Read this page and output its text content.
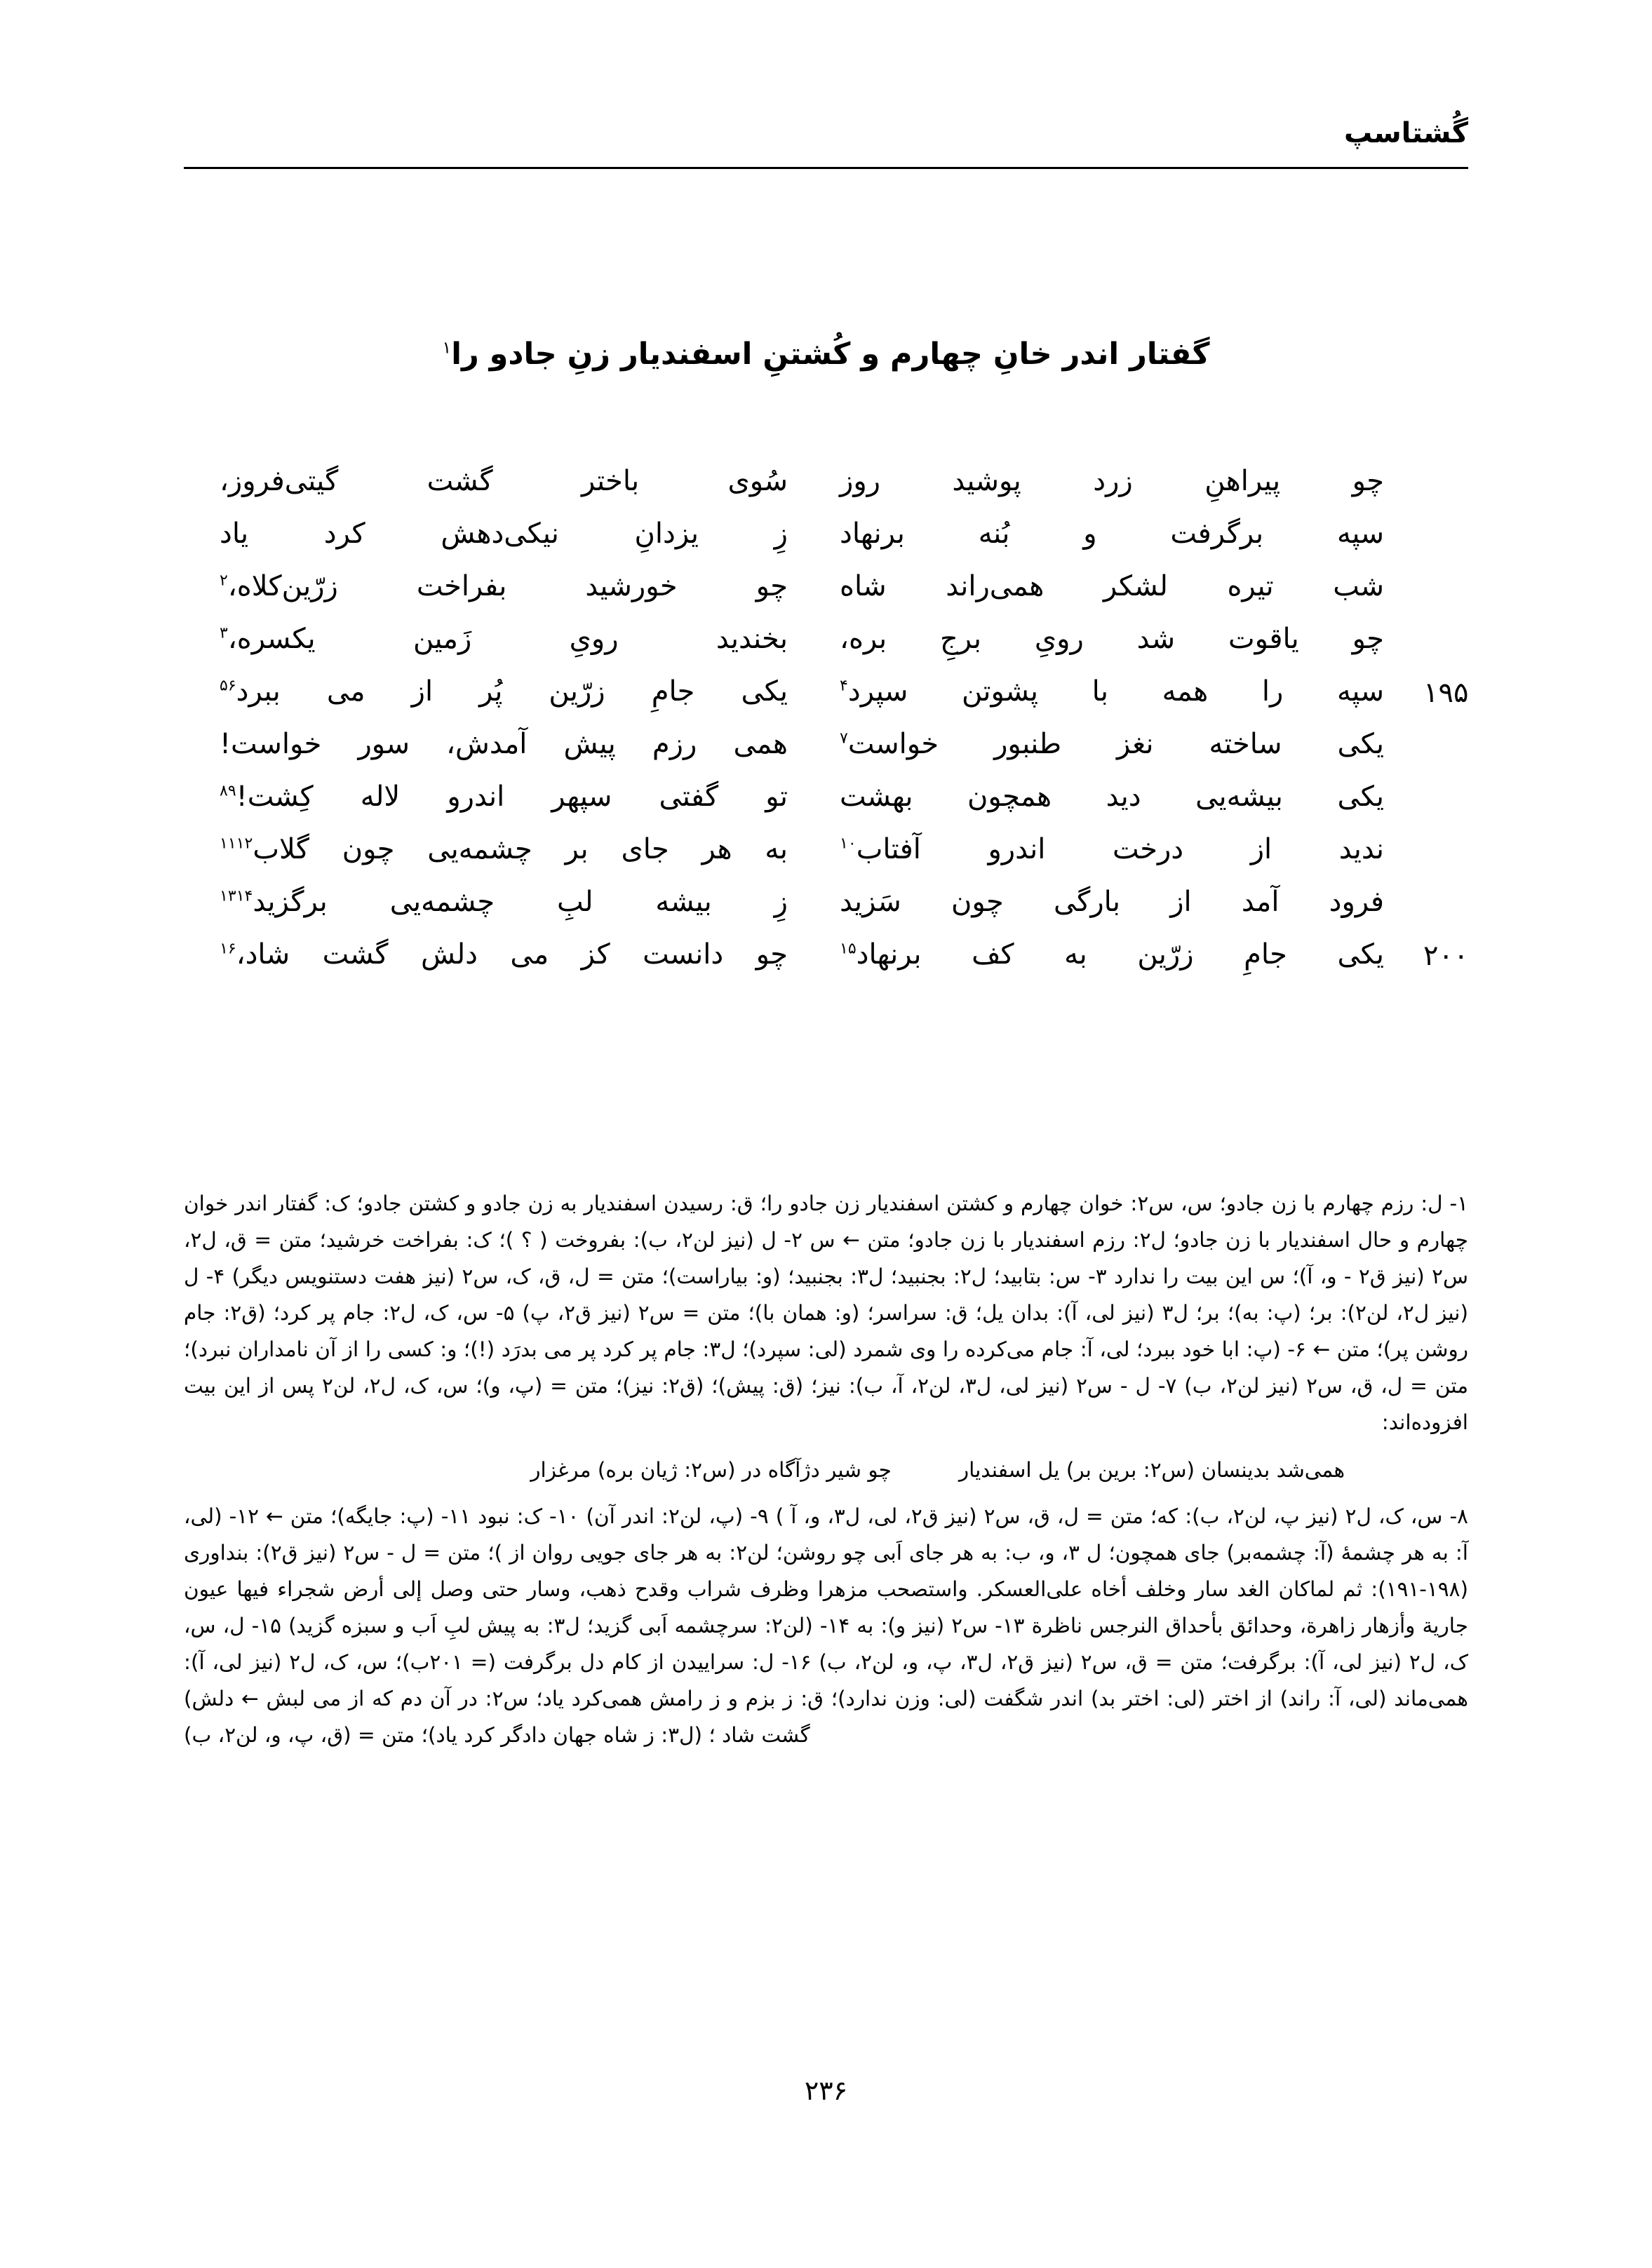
گُشتاسپ
گفتار اندر خانِ چهارم و کُشتنِ اسفندیار زنِ جادو را$^۱$
چو
پیراهنِ
زرد
پوشید
روز
سُوی
باختر
گشت
گیتی‌فروز،
سپه
برگرفت
و
بُنه
برنهاد
زِ
یزدانِ
نیکی‌دهش
کرد
یاد
شب
تیره
لشکر
همی‌راند
شاه
چو
خورشید
بفراخت
زرّین‌کلاه،$^۲$
چو
یاقوت
شد
رویِ
برجِ
بره،
بخندید
رویِ
زَمین
یکسره،$^۳$
۱۹۵
سپه
را
همه
با
پشوتن
سپرد$^۴$
یکی
جامِ
زرّین
پُر
از
می
ببرد$^{۵۶}$
یکی
ساخته
نغز
طنبور
خواست$^۷$
همی
رزم
پیش
آمدش،
سور
خواست!
یکی
بیشه‌یی
دید
همچون
بهشت
تو
گفتی
سپهر
اندرو
لاله
کِشت!$^{۸۹}$
ندید
از
درخت
اندرو
آفتاب$^{۱۰}$
به
هر
جای
بر
چشمه‌یی
چون
گلاب$^{۱۱۱۲}$
فرود
آمد
از
بارگی
چون
سَزید
زِ
بیشه
لبِ
چشمه‌یی
برگزید$^{۱۳۱۴}$
۲۰۰
یکی
جامِ
زرّین
به
کف
برنهاد$^{۱۵}$
چو
دانست
کز
می
دلش
گشت
شاد،$^{۱۶}$

۱- ل: رزم چهارم با زن جادو؛ س، س۲: خوان چهارم و کشتن اسفندیار زن جادو را؛ ق: رسیدن اسفندیار به زن جادو و کشتن جادو؛ ک: گفتار اندر خوان چهارم و حال اسفندیار با زن جادو؛ ل۲: رزم اسفندیار با زن جادو؛ متن ← س ۲- ل (نیز لن۲، ب): بفروخت ( ؟ )؛ ک: بفراخت خرشید؛ متن = ق، ل۲، س۲ (نیز ق۲ - و، آ)؛ س این بیت را ندارد ۳- س: بتابید؛ ل۲: بجنبید؛ ل۳: بجنبید؛ (و: بیاراست)؛ متن = ل، ق، ک، س۲ (نیز هفت دستنویس دیگر) ۴- ل (نیز ل۲، لن۲): بر؛ (پ: به)؛ بر؛ ل۳ (نیز لی، آ): بدان یل؛ ق: سراسر؛ (و: همان با)؛ متن = س۲ (نیز ق۲، پ) ۵- س، ک، ل۲: جام پر کرد؛ (ق۲: جام روشن پر)؛ متن ← ۶- (پ: ابا خود ببرد؛ لی، آ: جام می‌کرده را وی شمرد (لی: سپرد)؛ ل۳: جام پر کرد پر می بدرَد (!)؛ و: کسی را از آن نامداران نبرد)؛ متن = ل، ق، س۲ (نیز لن۲، ب) ۷- ل - س۲ (نیز لی، ل۳، لن۲، آ، ب): نیز؛ (ق: پیش)؛ (ق۲: نیز)؛ متن = (پ، و)؛ س، ک، ل۲، لن۲ پس از این بیت افزوده‌اند:

همی‌شد بدینسان (س۲: برین بر) یل اسفندیار
چو شیر دژآگاه در (س۲: ژیان بره) مرغزار

۸- س، ک، ل۲ (نیز پ، لن۲، ب): که؛ متن = ل، ق، س۲ (نیز ق۲، لی، ل۳، و، آ ) ۹- (پ، لن۲: اندر آن) ۱۰- ک: نبود ۱۱- (پ: جایگه)؛ متن ← ۱۲- (لی، آ: به هر چشمهٔ (آ: چشمه‌بر) جای همچون؛ ل ۳، و، ب: به هر جای اَبی چو روشن؛ لن۲: به هر جای جویی روان از )؛ متن = ل - س۲ (نیز ق۲): بنداوری (۱۹۸-۱۹۱): ثم لماکان الغد سار وخلف أخاه علی‌العسکر. واستصحب مزهرا وظرف شراب وقدح ذهب، وسار حتی وصل إلی أرض شجراء فیها عیون جاریة وأزهار زاهرة، وحدائق بأحداق النرجس ناظرة ۱۳- س۲ (نیز و): به ۱۴- (لن۲: سرچشمه اَبی گزید؛ ل۳: به پیش لبِ اَب و سبزه گزید) ۱۵- ل، س، ک، ل۲ (نیز لی، آ): برگرفت؛ متن = ق، س۲ (نیز ق۲، ل۳، پ، و، لن۲، ب) ۱۶- ل: سراییدن از کام دل برگرفت (= ۲۰۱ب)؛ س، ک، ل۲ (نیز لی، آ): همی‌ماند (لی، آ: راند) از اختر (لی: اختر بد) اندر شگفت (لی: وزن ندارد)؛ ق: ز بزم و ز رامش همی‌کرد یاد؛ س۲: در آن دم که از می لبش ← دلش) گشت شاد ؛ (ل۳: ز شاه جهان دادگر کرد یاد)؛ متن = (ق، پ، و، لن۲، ب)

۲۳۶
